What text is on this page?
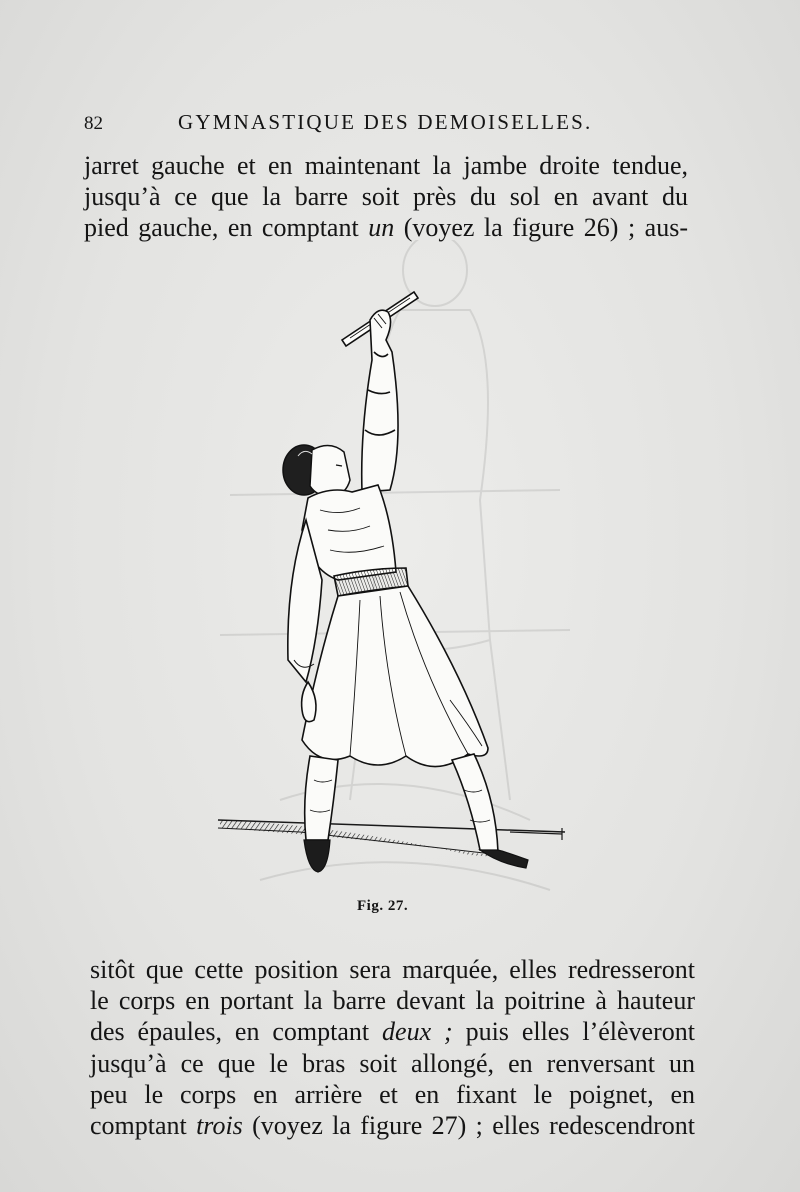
82	GYMNASTIQUE DES DEMOISELLES.
jarret gauche et en maintenant la jambe droite tendue,
jusqu’à ce que la barre soit près du sol en avant du
pied gauche, en comptant un (voyez la figure 26) ; aus-
Fig. 27.
sitôt que cette position sera marquée, elles redresseront
le corps en portant la barre devant la poitrine à hauteur
des épaules, en comptant deux ; puis elles l’élèveront
jusqu’à ce que le bras soit allongé, en renversant un
peu le corps en arrière et en fixant le poignet, en
comptant trois (voyez la figure 27) ; elles redescendront
